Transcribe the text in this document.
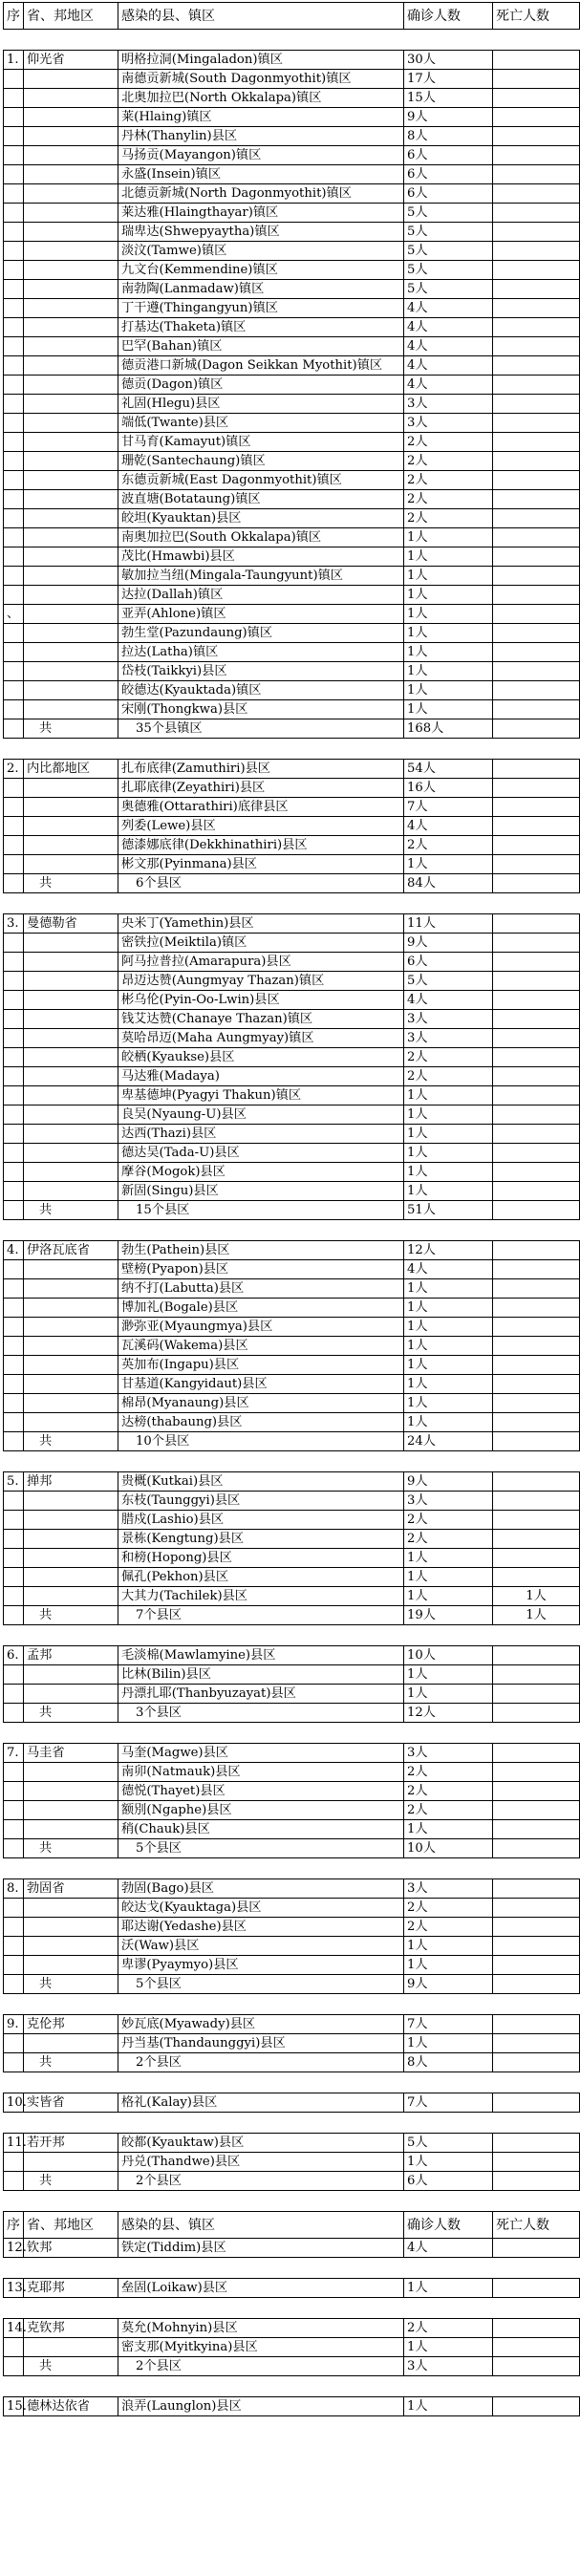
序	省、邦地区	感染的县、镇区	确诊人数	死亡人数

1.	仰光省	明格拉洞(Mingaladon)镇区	30人	
		南德贡新城(South Dagonmyothit)镇区	17人	
		北奥加拉巴(North Okkalapa)镇区	15人	
		莱(Hlaing)镇区	9人	
		丹林(Thanylin)县区	8人	
		马扬贡(Mayangon)镇区	6人	
		永盛(Insein)镇区	6人	
		北德贡新城(North Dagonmyothit)镇区	6人	
		莱达雅(Hlaingthayar)镇区	5人	
		瑞卑达(Shwepyaytha)镇区	5人	
		淡汶(Tamwe)镇区	5人	
		九文台(Kemmendine)镇区	5人	
		南勃陶(Lanmadaw)镇区	5人	
		丁干遵(Thingangyun)镇区	4人	
		打基达(Thaketa)镇区	4人	
		巴罕(Bahan)镇区	4人	
		德贡港口新城(Dagon Seikkan Myothit)镇区	4人	
		德贡(Dagon)镇区	4人	
		礼固(Hlegu)县区	3人	
		端低(Twante)县区	3人	
		甘马育(Kamayut)镇区	2人	
		珊乾(Santechaung)镇区	2人	
		东德贡新城(East Dagonmyothit)镇区	2人	
		波直塘(Botataung)镇区	2人	
		皎坦(Kyauktan)县区	2人	
		南奥加拉巴(South Okkalapa)镇区	1人	
		茂比(Hmawbi)县区	1人	
		敏加拉当纽(Mingala-Taungyunt)镇区	1人	
		达拉(Dallah)镇区	1人	
、		亚弄(Ahlone)镇区	1人	
		勃生堂(Pazundaung)镇区	1人	
		拉达(Latha)镇区	1人	
		岱枝(Taikkyi)县区	1人	
		皎德达(Kyauktada)镇区	1人	
		宋刚(Thongkwa)县区	1人	
	共	35个县镇区	168人	

2.	内比都地区	扎布底律(Zamuthiri)县区	54人	
		扎耶底律(Zeyathiri)县区	16人	
		奥德雅(Ottarathiri)底律县区	7人	
		列委(Lewe)县区	4人	
		德漆娜底律(Dekkhinathiri)县区	2人	
		彬文那(Pyinmana)县区	1人	
	共	6个县区	84人	

3.	曼德勒省	央米丁(Yamethin)县区	11人	
		密铁拉(Meiktila)镇区	9人	
		阿马拉普拉(Amarapura)县区	6人	
		昂迈达赞(Aungmyay Thazan)镇区	5人	
		彬乌伦(Pyin-Oo-Lwin)县区	4人	
		钱艾达赞(Chanaye Thazan)镇区	3人	
		莫哈昂迈(Maha Aungmyay)镇区	3人	
		皎栖(Kyaukse)县区	2人	
		马达雅(Madaya)	2人	
		卑基德坤(Pyagyi Thakun)镇区	1人	
		良吴(Nyaung-U)县区	1人	
		达西(Thazi)县区	1人	
		德达吴(Tada-U)县区	1人	
		摩谷(Mogok)县区	1人	
		新固(Singu)县区	1人	
	共	15个县区	51人	

4.	伊洛瓦底省	勃生(Pathein)县区	12人	
		壁榜(Pyapon)县区	4人	
		纳不打(Labutta)县区	1人	
		博加礼(Bogale)县区	1人	
		渺弥亚(Myaungmya)县区	1人	
		瓦溪码(Wakema)县区	1人	
		英加布(Ingapu)县区	1人	
		甘基道(Kangyidaut)县区	1人	
		棉昂(Myanaung)县区	1人	
		达榜(thabaung)县区	1人	
	共	10个县区	24人	

5.	掸邦	贵概(Kutkai)县区	9人	
		东枝(Taunggyi)县区	3人	
		腊戍(Lashio)县区	2人	
		景栋(Kengtung)县区	2人	
		和榜(Hopong)县区	1人	
		佩孔(Pekhon)县区	1人	
		大其力(Tachilek)县区	1人	1人
	共	7个县区	19人	1人

6.	孟邦	毛淡棉(Mawlamyine)县区	10人	
		比林(Bilin)县区	1人	
		丹漂扎耶(Thanbyuzayat)县区	1人	
	共	3个县区	12人	

7.	马圭省	马奎(Magwe)县区	3人	
		南卯(Natmauk)县区	2人	
		德悦(Thayet)县区	2人	
		额別(Ngaphe)县区	2人	
		稍(Chauk)县区	1人	
	共	5个县区	10人	

8.	勃固省	勃固(Bago)县区	3人	
		皎达戈(Kyauktaga)县区	2人	
		耶达谢(Yedashe)县区	2人	
		沃(Waw)县区	1人	
		卑谬(Pyaymyo)县区	1人	
	共	5个县区	9人	

9.	克伦邦	妙瓦底(Myawady)县区	7人	
		丹当基(Thandaunggyi)县区	1人	
	共	2个县区	8人	

10.	实皆省	格礼(Kalay)县区	7人	

11.	若开邦	皎都(Kyauktaw)县区	5人	
		丹兑(Thandwe)县区	1人	
	共	2个县区	6人	

序	省、邦地区	感染的县、镇区	确诊人数	死亡人数
12.	钦邦	铁定(Tiddim)县区	4人	

13.	克耶邦	垒固(Loikaw)县区	1人	

14.	克钦邦	莫允(Mohnyin)县区	2人	
		密支那(Myitkyina)县区	1人	
	共	2个县区	3人	

15.	德林达依省	浪弄(Launglon)县区	1人	
